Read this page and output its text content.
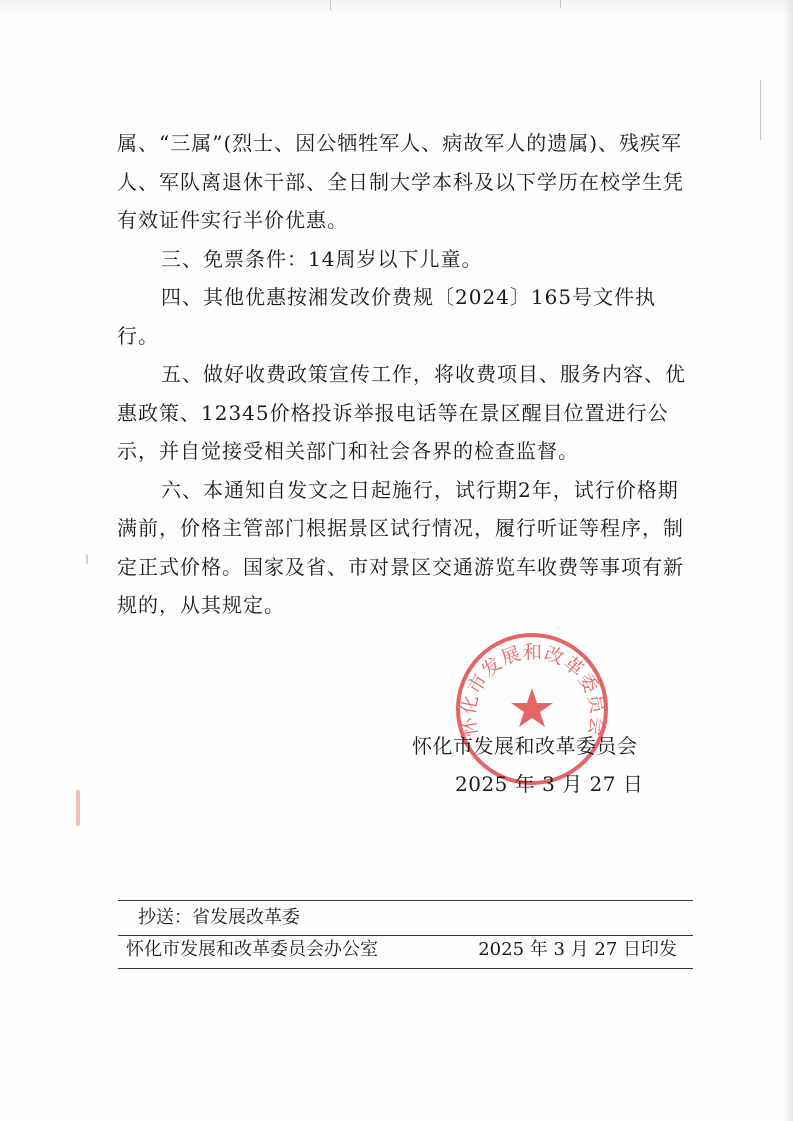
属、“三属”(烈士、因公牺牲军人、病故军人的遗属)、残疾军人、军队离退休干部、全日制大学本科及以下学历在校学生凭有效证件实行半价优惠。

三、免票条件：14周岁以下儿童。

四、其他优惠按湘发改价费规〔2024〕165号文件执行。

五、做好收费政策宣传工作，将收费项目、服务内容、优惠政策、12345价格投诉举报电话等在景区醒目位置进行公示，并自觉接受相关部门和社会各界的检查监督。

六、本通知自发文之日起施行，试行期2年，试行价格期满前，价格主管部门根据景区试行情况，履行听证等程序，制定正式价格。国家及省、市对景区交通游览车收费等事项有新规的，从其规定。

怀化市发展和改革委员会
怀化市发展和改革委员会
2025 年 3 月 27 日
抄送：省发展改革委
怀化市发展和改革委员会办公室	2025 年 3 月 27 日印发
